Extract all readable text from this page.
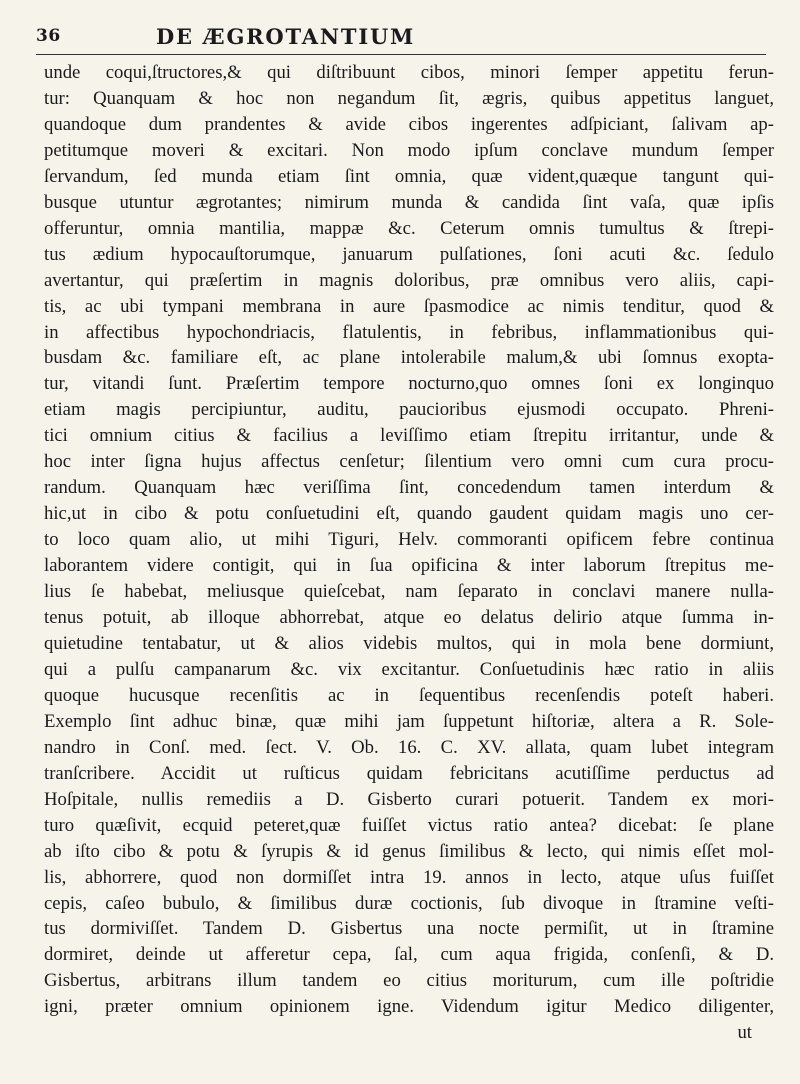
36	DE ÆGROTANTIUM
unde coqui,ſtructores,& qui diſtribuunt cibos, minori ſemper appetitu ferun-
tur: Quanquam & hoc non negandum ſit, ægris, quibus appetitus languet,
quandoque dum prandentes & avide cibos ingerentes adſpiciant, ſalivam ap-
petitumque moveri & excitari. Non modo ipſum conclave mundum ſemper
ſervandum, ſed munda etiam ſint omnia, quæ vident,quæque tangunt qui-
busque utuntur ægrotantes; nimirum munda & candida ſint vaſa, quæ ipſis
offeruntur, omnia mantilia, mappæ &c. Ceterum omnis tumultus & ſtrepi-
tus ædium hypocauſtorumque, januarum pulſationes, ſoni acuti &c. ſedulo
avertantur, qui præſertim in magnis doloribus, præ omnibus vero aliis, capi-
tis, ac ubi tympani membrana in aure ſpasmodice ac nimis tenditur, quod &
in affectibus hypochondriacis, flatulentis, in febribus, inflammationibus qui-
busdam &c. familiare eſt, ac plane intolerabile malum,& ubi ſomnus exopta-
tur, vitandi ſunt. Præſertim tempore nocturno,quo omnes ſoni ex longinquo
etiam magis percipiuntur, auditu, paucioribus ejusmodi occupato. Phreni-
tici omnium citius & facilius a leviſſimo etiam ſtrepitu irritantur, unde &
hoc inter ſigna hujus affectus cenſetur; ſilentium vero omni cum cura procu-
randum. Quanquam hæc veriſſima ſint, concedendum tamen interdum &
hic,ut in cibo & potu conſuetudini eſt, quando gaudent quidam magis uno cer-
to loco quam alio, ut mihi Tiguri, Helv. commoranti opificem febre continua
laborantem videre contigit, qui in ſua opificina & inter laborum ſtrepitus me-
lius ſe habebat, meliusque quieſcebat, nam ſeparato in conclavi manere nulla-
tenus potuit, ab illoque abhorrebat, atque eo delatus delirio atque ſumma in-
quietudine tentabatur, ut & alios videbis multos, qui in mola bene dormiunt,
qui a pulſu campanarum &c. vix excitantur. Conſuetudinis hæc ratio in aliis
quoque hucusque recenſitis ac in ſequentibus recenſendis poteſt haberi.
Exemplo ſint adhuc binæ, quæ mihi jam ſuppetunt hiſtoriæ, altera a R. Sole-
nandro in Conſ. med. ſect. V. Ob. 16. C. XV. allata, quam lubet integram
tranſcribere. Accidit ut ruſticus quidam febricitans acutiſſime perductus ad
Hoſpitale, nullis remediis a D. Gisberto curari potuerit. Tandem ex mori-
turo quæſivit, ecquid peteret,quæ fuiſſet victus ratio antea? dicebat: ſe plane
ab iſto cibo & potu & ſyrupis & id genus ſimilibus & lecto, qui nimis eſſet mol-
lis, abhorrere, quod non dormiſſet intra 19. annos in lecto, atque uſus fuiſſet
cepis, caſeo bubulo, & ſimilibus duræ coctionis, ſub divoque in ſtramine veſti-
tus dormiviſſet. Tandem D. Gisbertus una nocte permiſit, ut in ſtramine
dormiret, deinde ut afferetur cepa, ſal, cum aqua frigida, conſenſi, & D.
Gisbertus, arbitrans illum tandem eo citius moriturum, cum ille poſtridie
igni, præter omnium opinionem igne. Videndum igitur Medico diligenter,
ut
